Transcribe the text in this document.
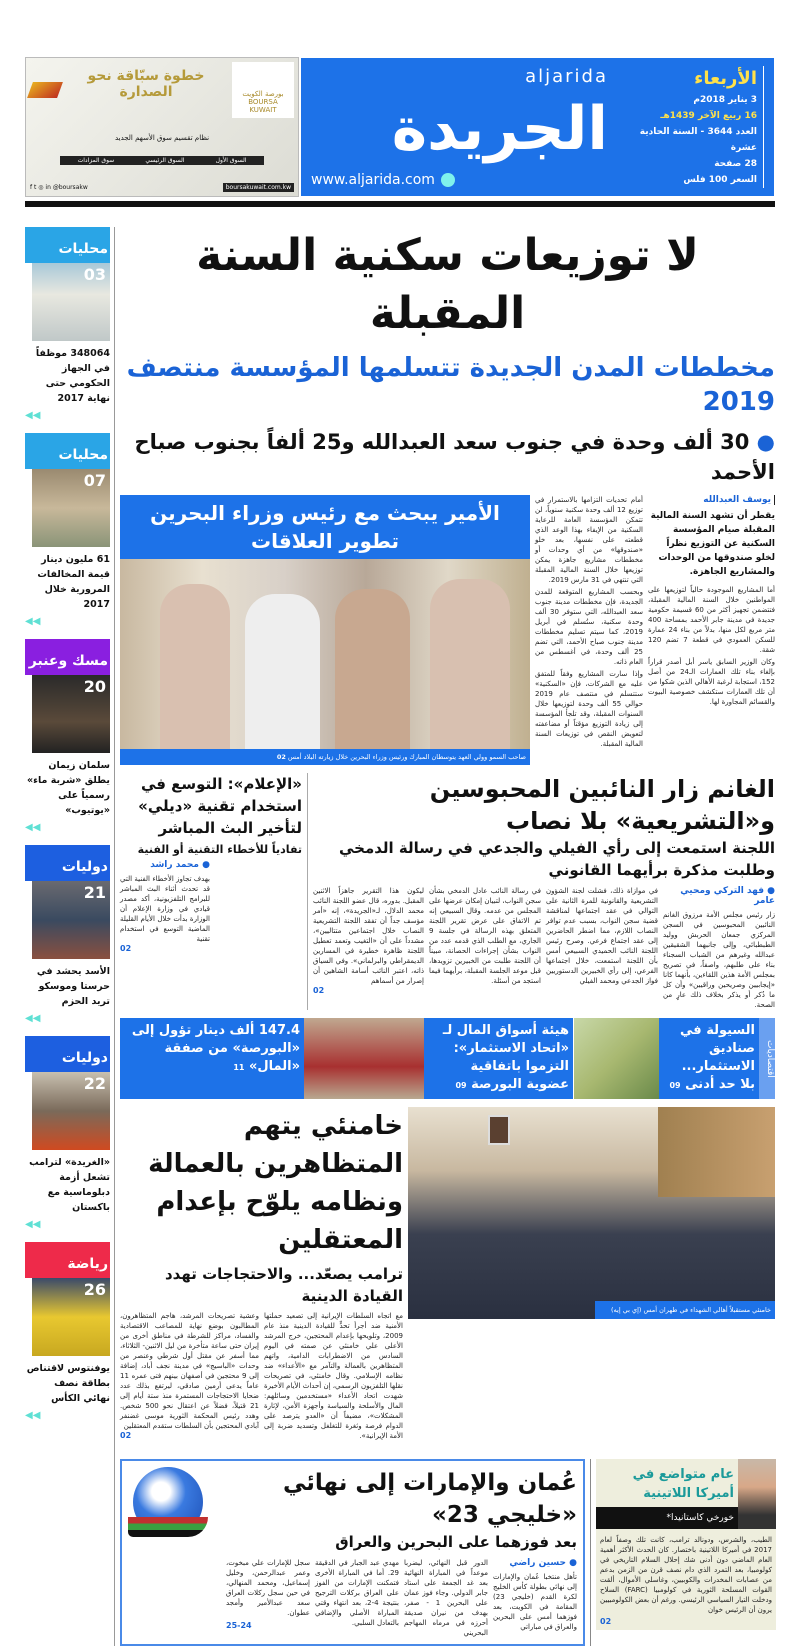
خطوة سبّاقة نحو الصدارة	بورصة الكويت
BOURSA KUWAIT
نظام تقسيم سوق الأسهم الجديد
السوق الأول
السوق الرئيسي
سوق المزادات
f t ◎ in @boursakw	boursakuwait.com.kw
aljarida
الجريدة
www.aljarida.com
الأربعاء
3 يناير 2018م
16 ربيع الآخر 1439هـ
العدد 3644 - السنة الحادية عشرة
28 صفحة
السعر 100 فلس
محليات
03
348064 موظفاً في الجهاز الحكومي حتى نهاية 2017
◀◀
محليات
07
61 مليون دينار قيمة المخالفات المرورية خلال 2017
◀◀
مسك وعنبر
20
سلمان زيمان يطلق «شربة ماء» رسمياً على «يوتيوب»
◀◀
دوليات
21
الأسد يحشد في حرستا وموسكو تريد الحزم
◀◀
دوليات
22
«الغريدة» لترامب تشعل أزمة دبلوماسية مع باكستان
◀◀
رياضة
26
يوفنتوس لاقتناص بطاقة نصف نهائي الكأس
◀◀
لا توزيعات سكنية السنة المقبلة
مخططات المدن الجديدة تتسلمها المؤسسة منتصف 2019
● 30 ألف وحدة في جنوب سعد العبدالله و25 ألفاً بجنوب صباح الأحمد
الأمير يبحث مع رئيس وزراء البحرين تطوير العلاقات
صاحب السمو وولي العهد يتوسطان المبارك ورئيس وزراء البحرين خلال زيارته البلاد أمس 02

أمام تحديات التزامها بالاستمرار في توزيع 12 ألف وحدة سكنية سنوياً، لن تتمكن المؤسسة العامة للرعاية السكنية من الإيفاء بهذا الوعد الذي قطعته على نفسها، بعد خلو «صندوقها» من أي وحدات أو مخططات مشاريع جاهزة يمكن توزيعها خلال السنة المالية المقبلة التي تنتهي في 31 مارس 2019.

وبحسب المشاريع المتوقعة للمدن الجديدة، فإن مخططات مدينة جنوب سعد العبدالله، التي ستوفر 30 ألف وحدة سكنية، ستُسلم في أبريل 2019، كما سيتم تسليم مخططات مدينة جنوب صباح الأحمد، التي تضم 25 ألف وحدة، في أغسطس من العام ذاته.

وإذا سارت المشاريع وفقاً للمتفق عليه مع الشركات، فإن «السكنية» ستتسلم في منتصف عام 2019 حوالي 55 ألف وحدة لتوزيعها خلال السنوات المقبلة، وقد تلجأ المؤسسة إلى زيادة التوزيع مؤقتاً أو مضاعفته لتعويض النقص في توزيعات السنة المالية المقبلة.

يوسف العبدالله
يقطر أن تشهد السنة المالية المقبلة صيام المؤسسة السكنية عن التوزيع نظراً لخلو صندوقها من الوحدات والمشاريع الجاهزة.

أما المشاريع الموجودة حالياً لتوزيعها على المواطنين خلال السنة المالية المقبلة، فتتضمن تجهيز أكثر من 60 قسيمة حكومية جديدة في مدينة جابر الأحمد بمساحة 400 متر مربع لكل منها، بدلاً من بناء 24 عمارة للسكن العمودي في قطعة 7 تضم 120 شقة.

وكان الوزير السابق ياسر أبل أصدر قراراً بإلغاء بناء تلك العمارات الـ24 من أصل 152، استجابة لرغبة الأهالي الذين شكوا من أن تلك العمارات ستكشف خصوصية البيوت والقسائم المجاورة لها.

«الإعلام»: التوسع في استخدام تقنية «ديلي» لتأخير البث المباشر
تفادياً للأخطاء التقنية أو الفنية
● محمد راشد
بهدف تجاوز الأخطاء الفنية التي قد تحدث أثناء البث المباشر للبرامج التلفزيونية، أكد مصدر قيادي في وزارة الإعلام أن الوزارة بدأت خلال الأيام القليلة الماضية التوسع في استخدام تقنية
02
الغانم زار النائبين المحبوسين و«التشريعية» بلا نصاب
اللجنة استمعت إلى رأي الفيلي والجدعي في رسالة الدمخي وطلبت مذكرة برأيهما القانوني
● فهد التركي ومحيي عامر
زار رئيس مجلس الأمة مرزوق الغانم النائبين المحبوسين في السجن المركزي جمعان الحربش ووليد الطبطبائي، وإلى جانبهما الشقيقين عبدالله وغيرهم من الشباب السجناء بناء على طلبهم، واصفاً، في تصريح بمجلس الأمة هذين اللقاءين، بأنهما كانا «إيجابيين وصريحين وراقيين» وأن كل ما ذُكر أو يذكر بخلاف ذلك عارٍ من الصحة.
في موازاة ذلك، فشلت لجنة الشؤون التشريعية والقانونية للمرة الثانية على التوالي في عقد اجتماعها لمناقشة قضية سجن النواب، بسبب عدم توافر النصاب اللازم، مما اضطر الحاضرين إلى عقد اجتماع فرعي. وصرح رئيس اللجنة النائب الحميدي السبيعي أمس بأن اللجنة استمعت، خلال اجتماعها الفرعي، إلى رأي الخبيرين الدستوريين فواز الجدعي ومحمد الفيلي
في رسالة النائب عادل الدمخي بشأن سجن النواب، لتبيان إمكان عرضها على المجلس من عدمه. وقال السبيعي إنه تم الاتفاق على عرض تقرير اللجنة المتعلق بهذه الرسالة في جلسة 9 الجاري، مع الطلب الذي قدمه عدد من النواب بشأن إجراءات الحصانة، مبيناً أن اللجنة طلبت من الخبيرين تزويدها، قبل موعد الجلسة المقبلة، برأيهما فيما استجد من أسئلة.
ليكون هذا التقرير جاهزاً الاثنين المقبل. بدوره، قال عضو اللجنة النائب محمد الدلال، لـ«الجريدة»، إنه «أمر مؤسف جداً أن تفقد اللجنة التشريعية النصاب خلال اجتماعين متتاليين»، مشدداً على أن «التغيب وتعمد تعطيل اللجنة ظاهرة خطيرة في المسارين الديمقراطي والبرلماني». وفي السياق ذاته، اعتبر النائب أسامة الشاهين أن إصرار من أسماهم
02
اقتصاديات
السيولة في صناديق الاستثمار... بلا حد أدنى 09
هيئة أسواق المال لـ «اتحاد الاستثمار»: التزموا باتفاقية عضوية البورصة 09
147.4 ألف دينار تؤول إلى «البورصة» من صفقة «المال» 11
خامنئي يتهم المتظاهرين بالعمالة ونظامه يلوّح بإعدام المعتقلين
ترامب يصعّد... والاحتجاجات تهدد القيادة الدينية
مع اتجاه السلطات الإيرانية إلى تصعيد حملتها الأمنية ضد أجرأ تحدٍّ للقيادة الدينية منذ عام 2009، وتلويحها بإعدام المحتجين، خرج المرشد الأعلى علي خامنئي عن صمته في اليوم السادس من الاضطرابات الدامية، واتهم المتظاهرين بالعمالة والتآمر مع «الأعداء» ضد نظامه الإسلامي. وقال خامنئي، في تصريحات نقلها التلفزيون الرسمي، إن أحداث الأيام الأخيرة شهدت اتحاد الأعداء «مستخدمين وسائلهم: المال والأسلحة والسياسة وأجهزة الأمن، لإثارة المشكلات»، مضيفاً أن «العدو يترصد على الدوام فرصة وثغرة للتغلغل وتسديد ضربة إلى الأمة الإيرانية».
وعشية تصريحات المرشد، هاجم المتظاهرون، المطالبون بوضع نهاية للمصاعب الاقتصادية والفساد، مراكز للشرطة في مناطق أخرى من إيران حتى ساعة متأخرة من ليل الاثنين- الثلاثاء، مما أسفر عن مقتل أول شرطي وعنصر من وحدات «الباسيج» في مدينة نجف أباد، إضافة إلى 9 محتجين في أصفهان بينهم فتى عمره 11 عاماً يدعى أرمين صادقي، ليرتفع بذلك عدد ضحايا الاحتجاجات المستمرة منذ ستة أيام إلى 21 قتيلاً، فضلاً عن اعتقال نحو 500 شخص. وهدد رئيس المحكمة الثورية موسى غضنفر آبادي المحتجين بأن السلطات ستقدم المعتقلين
02
خامنئي مستقبلاً أهالي الشهداء في طهران أمس (إي بي إيه)
عُمان والإمارات إلى نهائي «خليجي 23»
بعد فوزهما على البحرين والعراق
● حسين راضي
تأهل منتخبا عُمان والإمارات إلى نهائي بطولة كأس الخليج لكرة القدم (خليجي 23) المقامة في الكويت، بعد فوزهما أمس على البحرين والعراق في مباراتي
الدور قبل النهائي، ليضربا موعداً في المباراة النهائية بعد غد الجمعة على استاد جابر الدولي. وجاء فوز عمان على البحرين 1 - صفر، بهدف من نيران صديقة أحرزه في مرماه المهاجم البحريني
مهدي عبد الجبار في الدقيقة 29. أما في المباراة الأخرى فتمكنت الإمارات من الفوز على العراق بركلات الترجيح بنتيجة 4-2، بعد انتهاء وقتي المباراة الأصلي والإضافي بالتعادل السلبي.
سجل للإمارات علي مبخوت، وعمر عبدالرحمن، وخليل إسماعيل، ومحمد المنهالي، في حين سجل ركلات العراق سعد عبدالأمير وأمجد عطوان.
25-24
عام متواضع في أميركا اللاتينية
خورخي كاستانيدا*
الطيب، والشرس، ودونالد ترامب، كانت تلك وصفاً لعام 2017 في أميركا اللاتينية باختصار. كان الحدث الأكثر أهمية العام الماضي دون أدنى شك إحلال السلام التاريخي في كولومبيا، بعد التمرد الذي دام نصف قرن من الزمن بدعم من عصابات المخدرات والكوبيين، وغاسلي الأموال، ألقت القوات المسلحة الثورية في كولومبيا (FARC) السلاح ودخلت التيار السياسي الرئيسي. ورغم أن بعض الكولومبيين يرون أن الرئيس خوان
02
